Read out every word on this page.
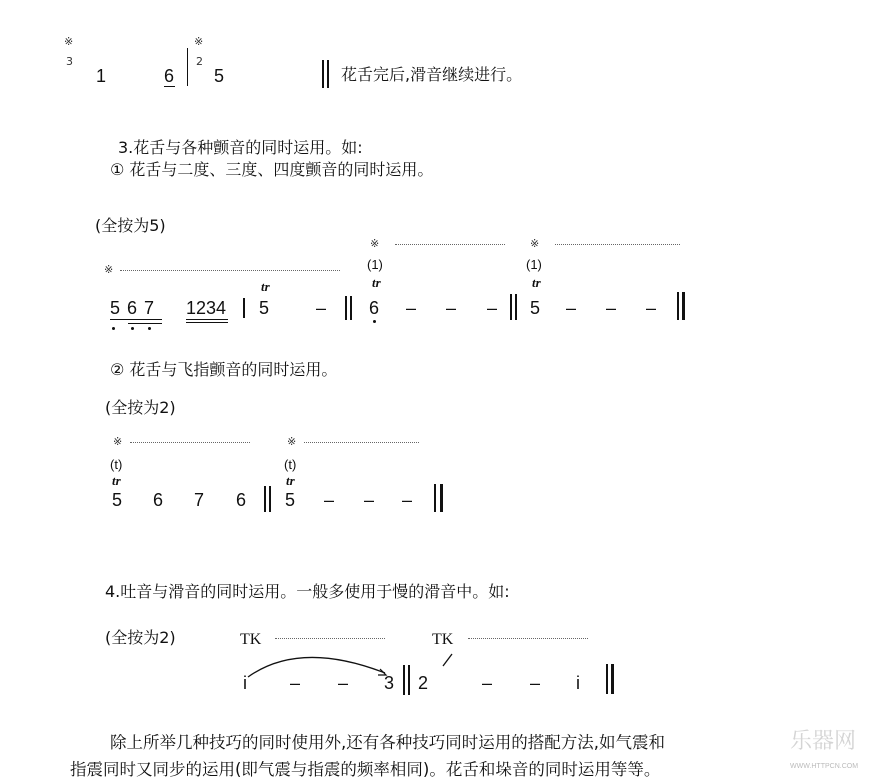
※
3
1	6
※
2
5	花舌完后,滑音继续进行。
3.花舌与各种颤音的同时运用。如:
① 花舌与二度、三度、四度颤音的同时运用。
(全按为5)
※
※	※
(1)	(1)
tr	tr	tr
5 6 7 1234 5	– 6 – – – 5 – – –
② 花舌与飞指颤音的同时运用。
(全按为2)
※	※
(t)	(t)
tr	tr
5 6 7 6 5 – – –
4.吐音与滑音的同时运用。一般多使用于慢的滑音中。如:
(全按为2)	TK	TK
i – – 3 2	– – i
除上所举几种技巧的同时使用外,还有各种技巧同时运用的搭配方法,如气震和
指震同时又同步的运用(即气震与指震的频率相同)。花舌和垛音的同时运用等等。
乐器网
WWW.HTTPCN.COM
